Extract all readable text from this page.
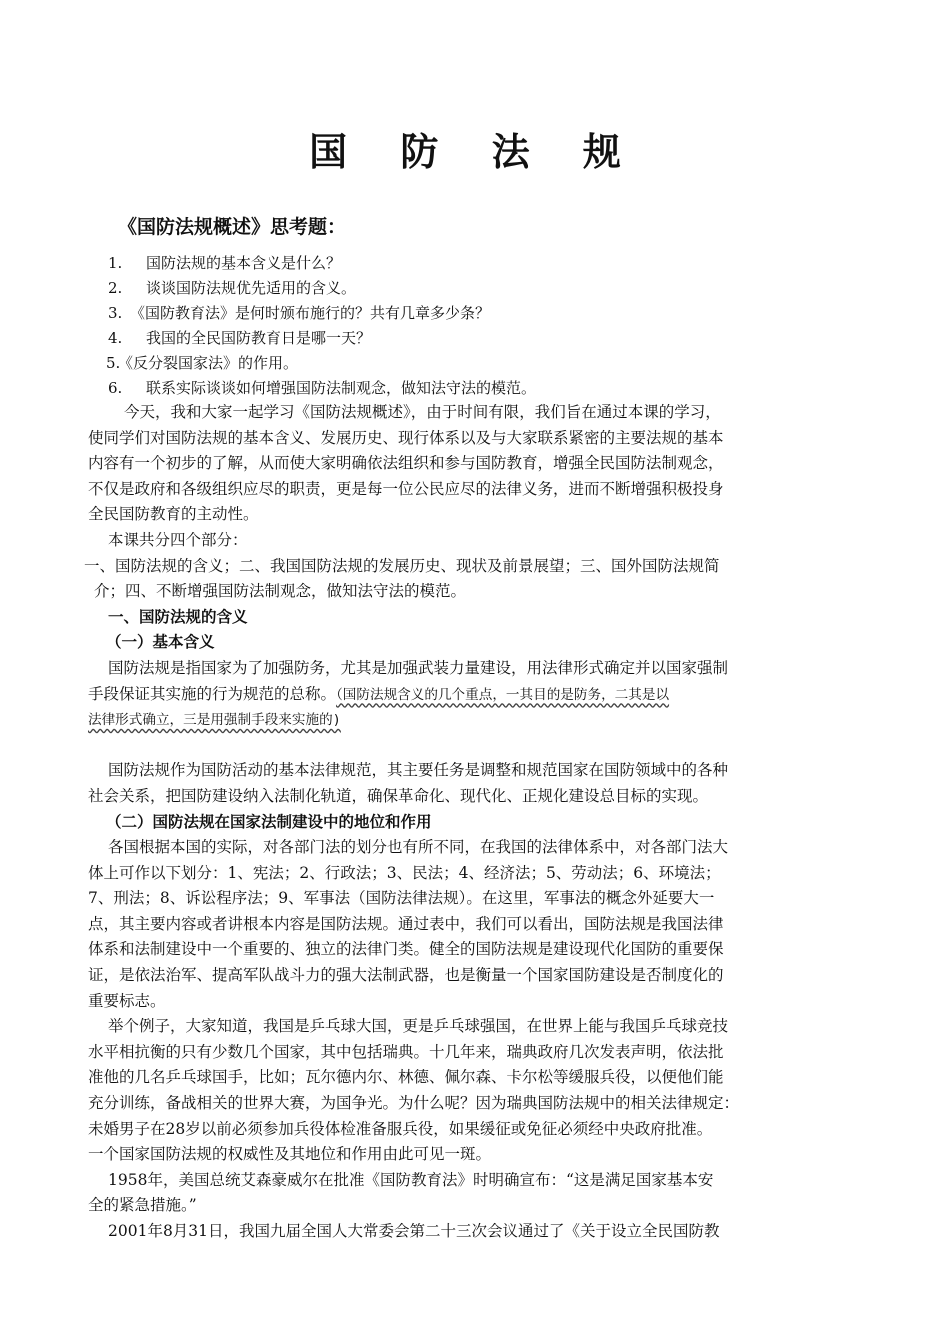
国 防 法 规
《国防法规概述》思考题：
1. 国防法规的基本含义是什么？
2. 谈谈国防法规优先适用的含义。
3. 《国防教育法》是何时颁布施行的？共有几章多少条？
4. 我国的全民国防教育日是哪一天？
5.《反分裂国家法》的作用。
6. 联系实际谈谈如何增强国防法制观念，做知法守法的模范。
今天，我和大家一起学习《国防法规概述》，由于时间有限，我们旨在通过本课的学习，
使同学们对国防法规的基本含义、发展历史、现行体系以及与大家联系紧密的主要法规的基本
内容有一个初步的了解，从而使大家明确依法组织和参与国防教育，增强全民国防法制观念，
不仅是政府和各级组织应尽的职责，更是每一位公民应尽的法律义务，进而不断增强积极投身
全民国防教育的主动性。
本课共分四个部分：
一、国防法规的含义；二、我国国防法规的发展历史、现状及前景展望；三、国外国防法规简
介；四、不断增强国防法制观念，做知法守法的模范。
一、国防法规的含义
（一）基本含义
国防法规是指国家为了加强防务，尤其是加强武装力量建设，用法律形式确定并以国家强制
手段保证其实施的行为规范的总称。（国防法规含义的几个重点，一其目的是防务，二其是以
法律形式确立，三是用强制手段来实施的)
国防法规作为国防活动的基本法律规范，其主要任务是调整和规范国家在国防领域中的各种
社会关系，把国防建设纳入法制化轨道，确保革命化、现代化、正规化建设总目标的实现。
（二）国防法规在国家法制建设中的地位和作用
各国根据本国的实际，对各部门法的划分也有所不同，在我国的法律体系中，对各部门法大
体上可作以下划分：1、宪法；2、行政法；3、民法；4、经济法；5、劳动法；6、环境法；
7、刑法；8、诉讼程序法；9、军事法（国防法律法规）。在这里，军事法的概念外延要大一
点，其主要内容或者讲根本内容是国防法规。通过表中，我们可以看出，国防法规是我国法律
体系和法制建设中一个重要的、独立的法律门类。健全的国防法规是建设现代化国防的重要保
证，是依法治军、提高军队战斗力的强大法制武器，也是衡量一个国家国防建设是否制度化的
重要标志。
举个例子，大家知道，我国是乒乓球大国，更是乒乓球强国，在世界上能与我国乒乓球竞技
水平相抗衡的只有少数几个国家，其中包括瑞典。十几年来，瑞典政府几次发表声明，依法批
准他的几名乒乓球国手，比如；瓦尔德内尔、林德、佩尔森、卡尔松等缓服兵役，以便他们能
充分训练，备战相关的世界大赛，为国争光。为什么呢？因为瑞典国防法规中的相关法律规定：
未婚男子在28岁以前必须参加兵役体检准备服兵役，如果缓征或免征必须经中央政府批准。
一个国家国防法规的权威性及其地位和作用由此可见一斑。
1958年，美国总统艾森豪威尔在批准《国防教育法》时明确宣布：“这是满足国家基本安
全的紧急措施。”
2001年8月31日，我国九届全国人大常委会第二十三次会议通过了《关于设立全民国防教
